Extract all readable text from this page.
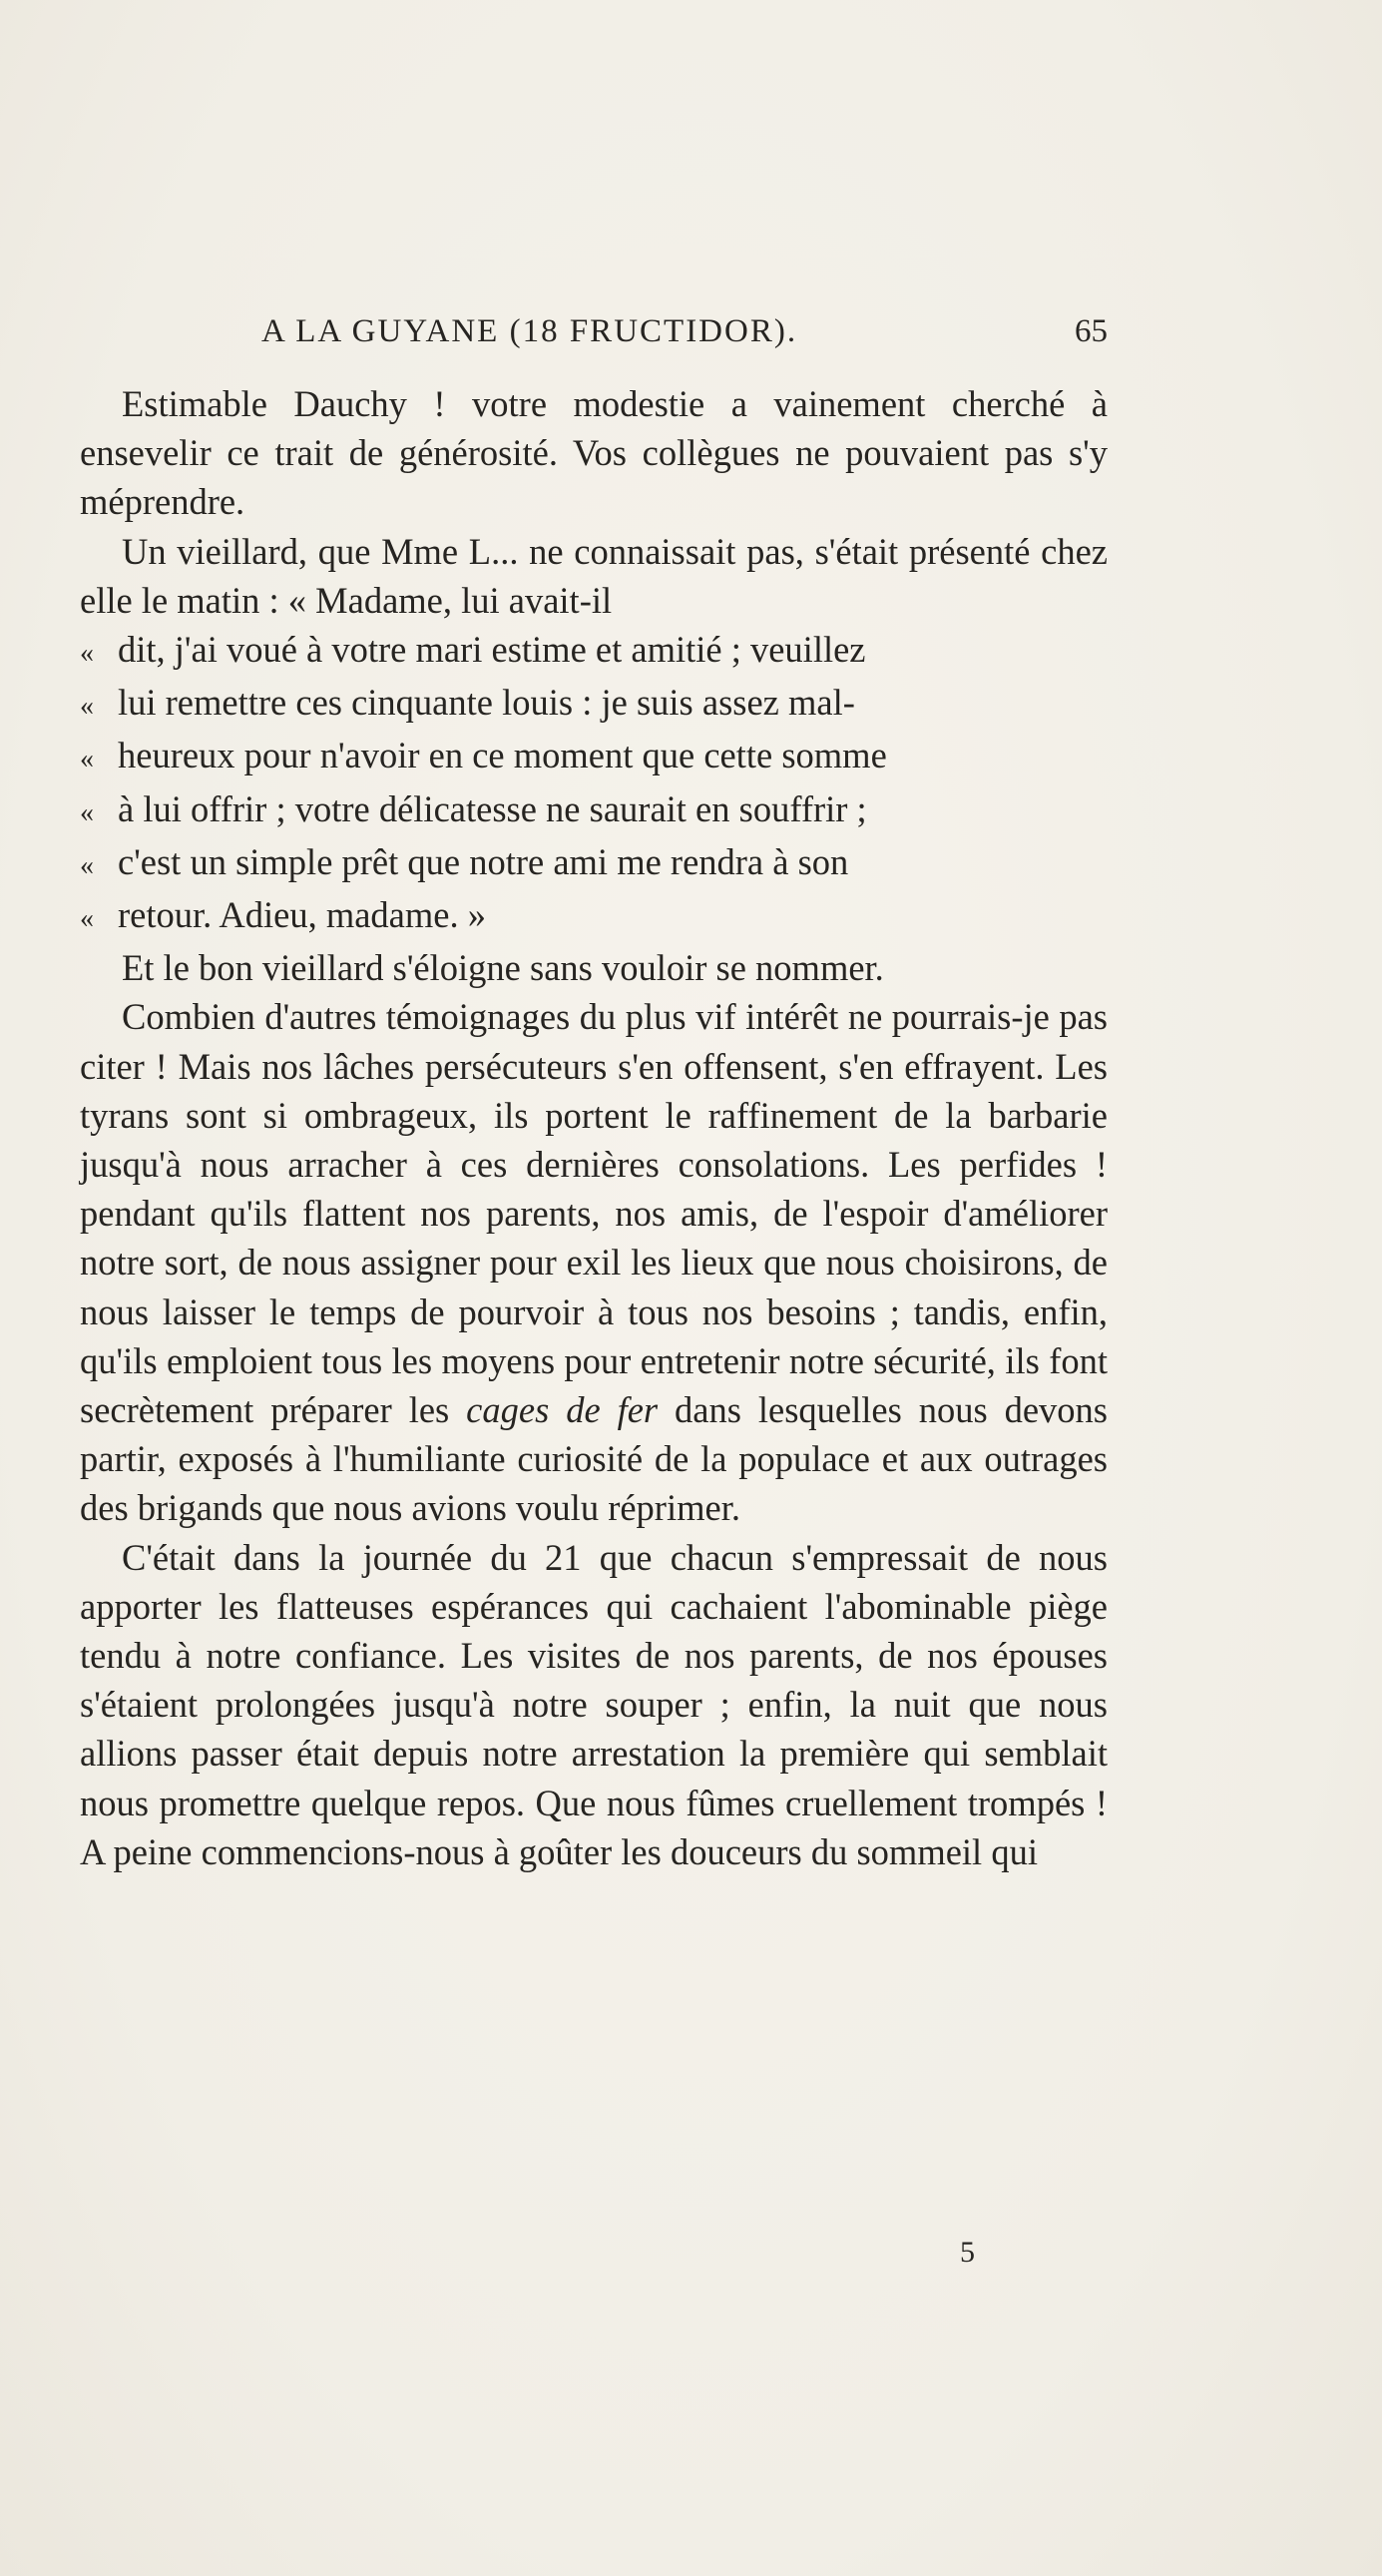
A LA GUYANE (18 FRUCTIDOR).	65

Estimable Dauchy ! votre modestie a vainement cherché à ensevelir ce trait de générosité. Vos collègues ne pouvaient pas s'y méprendre.

Un vieillard, que Mme L... ne connaissait pas, s'était présenté chez elle le matin : « Madame, lui avait-il
« dit, j'ai voué à votre mari estime et amitié ; veuillez
« lui remettre ces cinquante louis : je suis assez mal-
« heureux pour n'avoir en ce moment que cette somme
« à lui offrir ; votre délicatesse ne saurait en souffrir ;
« c'est un simple prêt que notre ami me rendra à son
« retour. Adieu, madame. »

Et le bon vieillard s'éloigne sans vouloir se nommer.

Combien d'autres témoignages du plus vif intérêt ne pourrais-je pas citer ! Mais nos lâches persécuteurs s'en offensent, s'en effrayent. Les tyrans sont si ombrageux, ils portent le raffinement de la barbarie jusqu'à nous arracher à ces dernières consolations. Les perfides ! pendant qu'ils flattent nos parents, nos amis, de l'espoir d'améliorer notre sort, de nous assigner pour exil les lieux que nous choisirons, de nous laisser le temps de pourvoir à tous nos besoins ; tandis, enfin, qu'ils emploient tous les moyens pour entretenir notre sécurité, ils font secrètement préparer les cages de fer dans lesquelles nous devons partir, exposés à l'humiliante curiosité de la populace et aux outrages des brigands que nous avions voulu réprimer.

C'était dans la journée du 21 que chacun s'empressait de nous apporter les flatteuses espérances qui cachaient l'abominable piège tendu à notre confiance. Les visites de nos parents, de nos épouses s'étaient prolongées jusqu'à notre souper ; enfin, la nuit que nous allions passer était depuis notre arrestation la première qui semblait nous promettre quelque repos. Que nous fûmes cruellement trompés ! A peine commencions-nous à goûter les douceurs du sommeil qui

5
